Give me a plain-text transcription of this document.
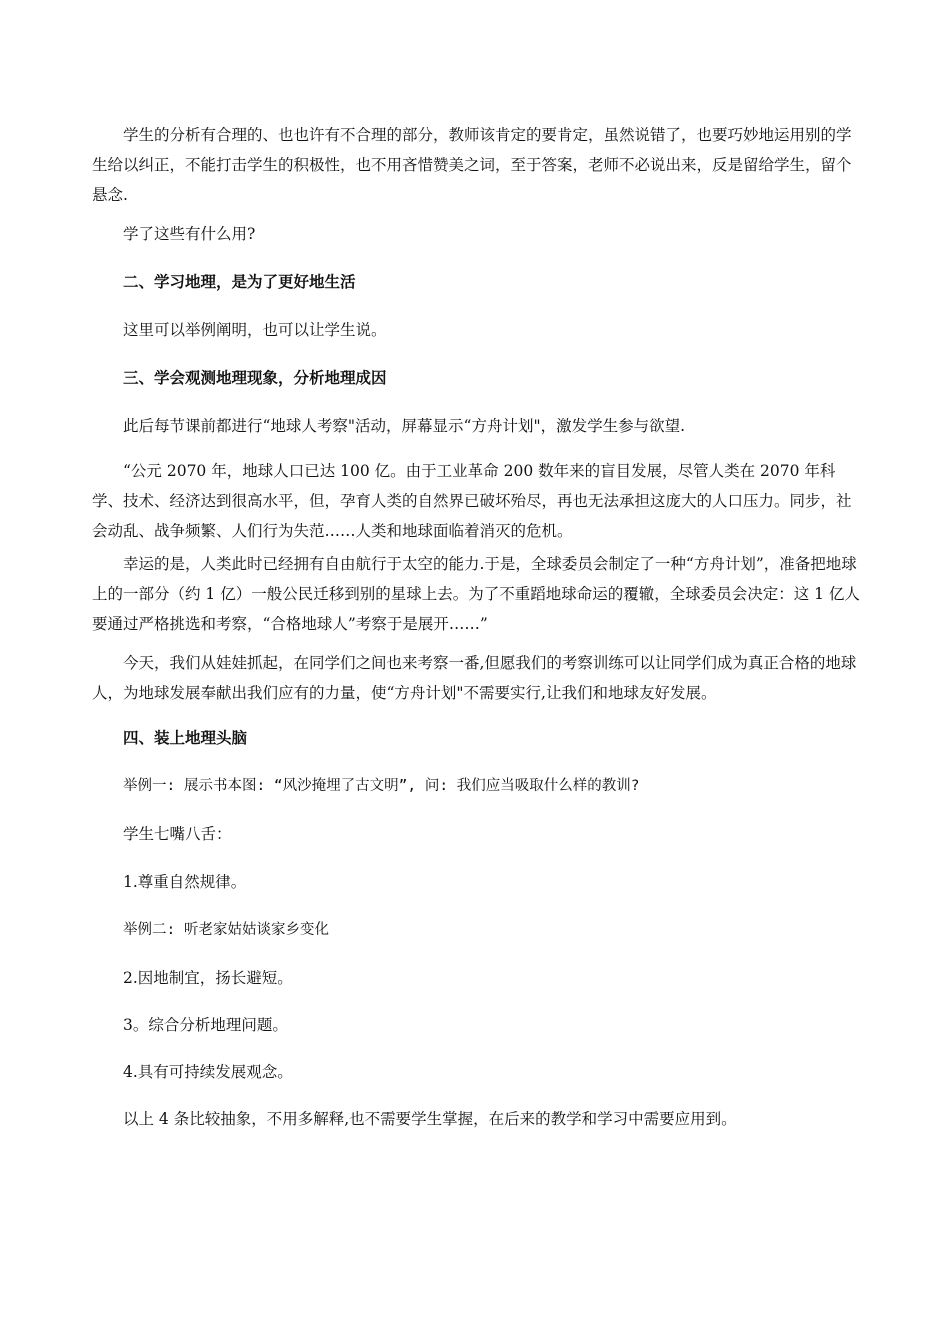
学生的分析有合理的、也也许有不合理的部分，教师该肯定的要肯定，虽然说错了，也要巧妙地运用别的学生给以纠正，不能打击学生的积极性，也不用吝惜赞美之词，至于答案，老师不必说出来，反是留给学生，留个悬念.

学了这些有什么用?

二、学习地理，是为了更好地生活

这里可以举例阐明，也可以让学生说。

三、学会观测地理现象，分析地理成因

此后每节课前都进行“地球人考察"活动，屏幕显示“方舟计划"，激发学生参与欲望.

“公元 2070 年，地球人口已达 100 亿。由于工业革命 200 数年来的盲目发展，尽管人类在 2070 年科学、技术、经济达到很高水平，但，孕育人类的自然界已破坏殆尽，再也无法承担这庞大的人口压力。同步，社会动乱、战争频繁、人们行为失范……人类和地球面临着消灭的危机。

幸运的是，人类此时已经拥有自由航行于太空的能力.于是，全球委员会制定了一种“方舟计划”，准备把地球上的一部分（约 1 亿）一般公民迁移到别的星球上去。为了不重蹈地球命运的覆辙，全球委员会决定：这 1 亿人要通过严格挑选和考察，“合格地球人”考察于是展开……”

今天，我们从娃娃抓起，在同学们之间也来考察一番,但愿我们的考察训练可以让同学们成为真正合格的地球人，为地球发展奉献出我们应有的力量，使“方舟计划"不需要实行,让我们和地球友好发展。

四、装上地理头脑

举例一: 展示书本图: “风沙掩埋了古文明”, 问: 我们应当吸取什么样的教训?

学生七嘴八舌：

1.尊重自然规律。

举例二: 听老家姑姑谈家乡变化

2.因地制宜，扬长避短。

3。综合分析地理问题。

4.具有可持续发展观念。

以上 4 条比较抽象，不用多解释,也不需要学生掌握，在后来的教学和学习中需要应用到。
